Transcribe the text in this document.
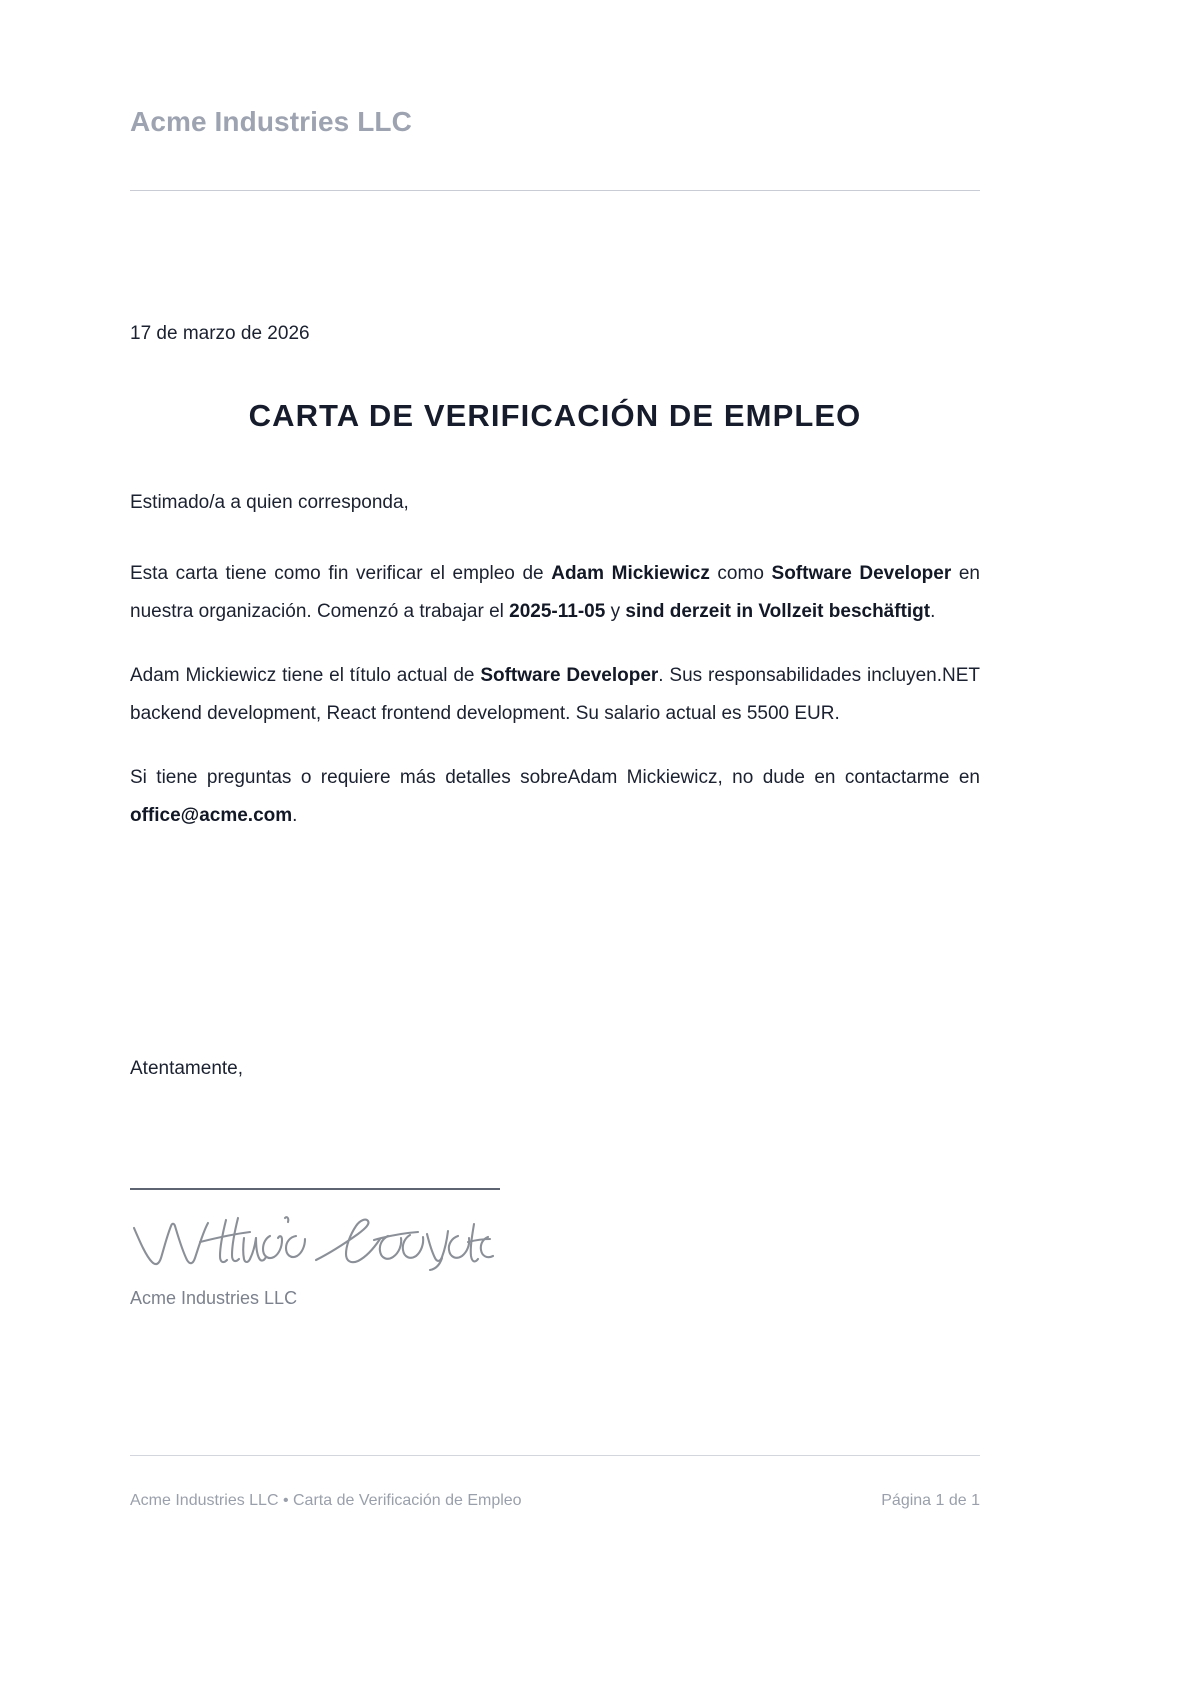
Acme Industries LLC
17 de marzo de 2026
CARTA DE VERIFICACIÓN DE EMPLEO

Estimado/a a quien corresponda,

Esta carta tiene como fin verificar el empleo de Adam Mickiewicz como Software Developer en nuestra organización. Comenzó a trabajar el 2025-11-05 y sind derzeit in Vollzeit beschäftigt.

Adam Mickiewicz tiene el título actual de Software Developer. Sus responsabilidades incluyen.NET backend development, React frontend development. Su salario actual es 5500 EUR.

Si tiene preguntas o requiere más detalles sobreAdam Mickiewicz, no dude en contactarme en office@acme.com.

Atentamente,
Acme Industries LLC
Acme Industries LLC • Carta de Verificación de Empleo	Página 1 de 1
